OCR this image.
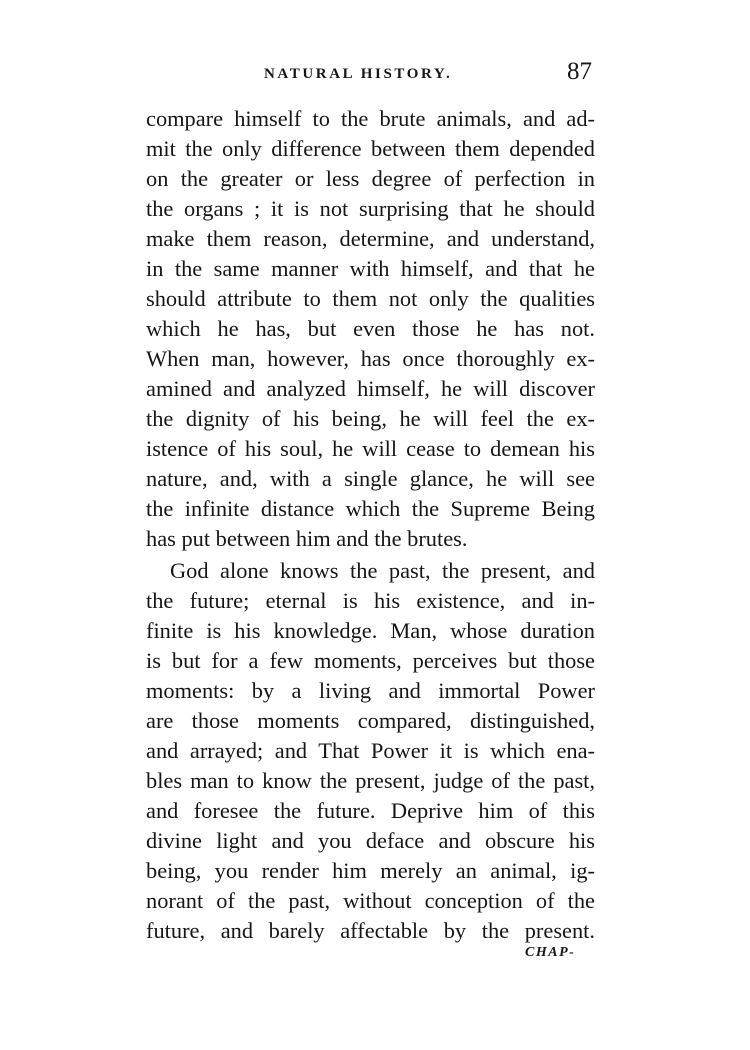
NATURAL HISTORY.	87
compare himself to the brute animals, and ad-
mit the only difference between them depended
on the greater or less degree of perfection in
the organs ; it is not surprising that he should
make them reason, determine, and understand,
in the same manner with himself, and that he
should attribute to them not only the qualities
which he has, but even those he has not.
When man, however, has once thoroughly ex-
amined and analyzed himself, he will discover
the dignity of his being, he will feel the ex-
istence of his soul, he will cease to demean his
nature, and, with a single glance, he will see
the infinite distance which the Supreme Being
has put between him and the brutes.
God alone knows the past, the present, and
the future; eternal is his existence, and in-
finite is his knowledge. Man, whose duration
is but for a few moments, perceives but those
moments: by a living and immortal Power
are those moments compared, distinguished,
and arrayed; and That Power it is which ena-
bles man to know the present, judge of the past,
and foresee the future. Deprive him of this
divine light and you deface and obscure his
being, you render him merely an animal, ig-
norant of the past, without conception of the
future, and barely affectable by the present.
CHAP-
